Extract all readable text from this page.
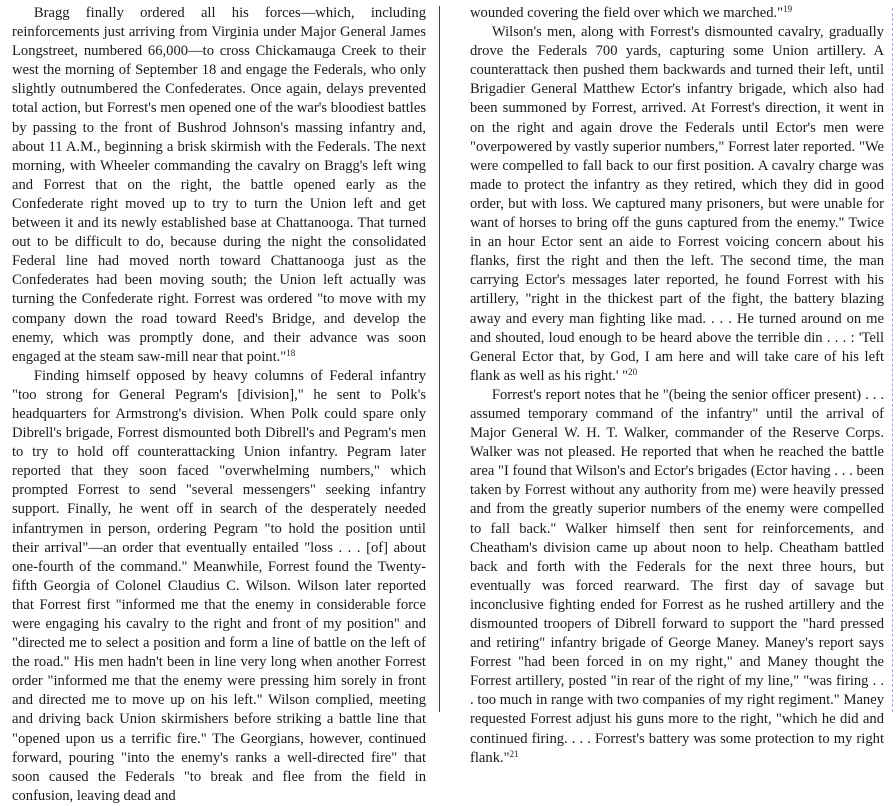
Bragg finally ordered all his forces—which, including reinforcements just arriving from Virginia under Major General James Longstreet, numbered 66,000—to cross Chickamauga Creek to their west the morning of September 18 and engage the Federals, who only slightly outnumbered the Confederates. Once again, delays prevented total action, but Forrest's men opened one of the war's bloodiest battles by passing to the front of Bushrod Johnson's massing infantry and, about 11 A.M., beginning a brisk skirmish with the Federals. The next morning, with Wheeler commanding the cavalry on Bragg's left wing and Forrest that on the right, the battle opened early as the Confederate right moved up to try to turn the Union left and get between it and its newly established base at Chattanooga. That turned out to be difficult to do, because during the night the consolidated Federal line had moved north toward Chattanooga just as the Confederates had been moving south; the Union left actually was turning the Confederate right. Forrest was ordered "to move with my company down the road toward Reed's Bridge, and develop the enemy, which was promptly done, and their advance was soon engaged at the steam saw-mill near that point."$^{18}$

Finding himself opposed by heavy columns of Federal infantry "too strong for General Pegram's [division]," he sent to Polk's headquarters for Armstrong's division. When Polk could spare only Dibrell's brigade, Forrest dismounted both Dibrell's and Pegram's men to try to hold off counterattacking Union infantry. Pegram later reported that they soon faced "overwhelming numbers," which prompted Forrest to send "several messengers" seeking infantry support. Finally, he went off in search of the desperately needed infantrymen in person, ordering Pegram "to hold the position until their arrival"—an order that eventually entailed "loss . . . [of] about one-fourth of the command." Meanwhile, Forrest found the Twenty-fifth Georgia of Colonel Claudius C. Wilson. Wilson later reported that Forrest first "informed me that the enemy in considerable force were engaging his cavalry to the right and front of my position" and "directed me to select a position and form a line of battle on the left of the road." His men hadn't been in line very long when another Forrest order "informed me that the enemy were pressing him sorely in front and directed me to move up on his left." Wilson complied, meeting and driving back Union skirmishers before striking a battle line that "opened upon us a terrific fire." The Georgians, however, continued forward, pouring "into the enemy's ranks a well-directed fire" that soon caused the Federals "to break and flee from the field in confusion, leaving dead and

wounded covering the field over which we marched."$^{19}$

Wilson's men, along with Forrest's dismounted cavalry, gradually drove the Federals 700 yards, capturing some Union artillery. A counterattack then pushed them backwards and turned their left, until Brigadier General Matthew Ector's infantry brigade, which also had been summoned by Forrest, arrived. At Forrest's direction, it went in on the right and again drove the Federals until Ector's men were "overpowered by vastly superior numbers," Forrest later reported. "We were compelled to fall back to our first position. A cavalry charge was made to protect the infantry as they retired, which they did in good order, but with loss. We captured many prisoners, but were unable for want of horses to bring off the guns captured from the enemy." Twice in an hour Ector sent an aide to Forrest voicing concern about his flanks, first the right and then the left. The second time, the man carrying Ector's messages later reported, he found Forrest with his artillery, "right in the thickest part of the fight, the battery blazing away and every man fighting like mad. . . . He turned around on me and shouted, loud enough to be heard above the terrible din . . . : 'Tell General Ector that, by God, I am here and will take care of his left flank as well as his right.' "$^{20}$

Forrest's report notes that he "(being the senior officer present) . . . assumed temporary command of the infantry" until the arrival of Major General W. H. T. Walker, commander of the Reserve Corps. Walker was not pleased. He reported that when he reached the battle area "I found that Wilson's and Ector's brigades (Ector having . . . been taken by Forrest without any authority from me) were heavily pressed and from the greatly superior numbers of the enemy were compelled to fall back." Walker himself then sent for reinforcements, and Cheatham's division came up about noon to help. Cheatham battled back and forth with the Federals for the next three hours, but eventually was forced rearward. The first day of savage but inconclusive fighting ended for Forrest as he rushed artillery and the dismounted troopers of Dibrell forward to support the "hard pressed and retiring" infantry brigade of George Maney. Maney's report says Forrest "had been forced in on my right," and Maney thought the Forrest artillery, posted "in rear of the right of my line," "was firing . . . too much in range with two companies of my right regiment." Maney requested Forrest adjust his guns more to the right, "which he did and continued firing. . . . Forrest's battery was some protection to my right flank."$^{21}$
